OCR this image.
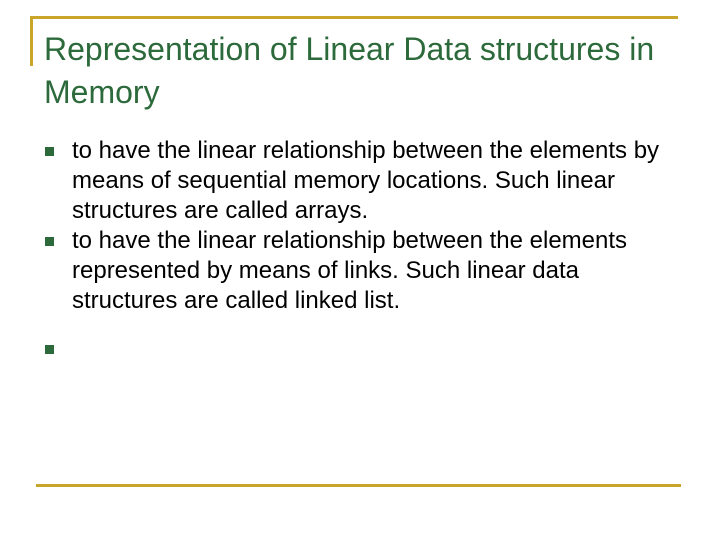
Representation of Linear Data structures in Memory
to have the linear relationship between the elements by means of sequential memory locations. Such linear structures are called arrays.
to have the linear relationship between the elements represented by means of links. Such linear data structures are called linked list.
